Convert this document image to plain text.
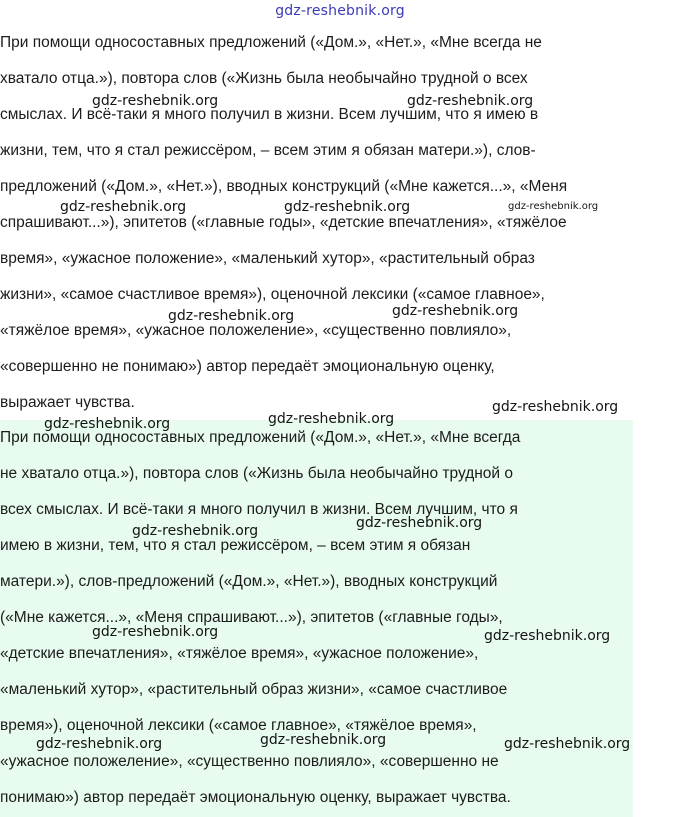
gdz-reshebnik.org

При помощи односоставных предложений («Дом.», «Нет.», «Мне всегда не
хватало отца.»), повтора слов («Жизнь была необычайно трудной о всех
смыслах. И всё-таки я много получил в жизни. Всем лучшим, что я имею в
жизни, тем, что я стал режиссёром, – всем этим я обязан матери.»), слов-
предложений («Дом.», «Нет.»), вводных конструкций («Мне кажется...», «Меня
спрашивают...»), эпитетов («главные годы», «детские впечатления», «тяжёлое
время», «ужасное положение», «маленький хутор», «растительный образ
жизни», «самое счастливое время»), оценочной лексики («самое главное»,
«тяжёлое время», «ужасное положеление», «существенно повлияло»,
«совершенно не понимаю») автор передаёт эмоциональную оценку,
выражает чувства.

При помощи односоставных предложений («Дом.», «Нет.», «Мне всегда
не хватало отца.»), повтора слов («Жизнь была необычайно трудной о
всех смыслах. И всё-таки я много получил в жизни. Всем лучшим, что я
имею в жизни, тем, что я стал режиссёром, – всем этим я обязан
матери.»), слов-предложений («Дом.», «Нет.»), вводных конструкций
(«Мне кажется...», «Меня спрашивают...»), эпитетов («главные годы»,
«детские впечатления», «тяжёлое время», «ужасное положение»,
«маленький хутор», «растительный образ жизни», «самое счастливое
время»), оценочной лексики («самое главное», «тяжёлое время»,
«ужасное положеление», «существенно повлияло», «совершенно не
понимаю») автор передаёт эмоциональную оценку, выражает чувства.

gdz-reshebnik.org	gdz-reshebnik.org
gdz-reshebnik.org	gdz-reshebnik.org	gdz-reshebnik.org
gdz-reshebnik.org	gdz-reshebnik.org
gdz-reshebnik.org	gdz-reshebnik.org
gdz-reshebnik.org
gdz-reshebnik.org	gdz-reshebnik.org
gdz-reshebnik.org	gdz-reshebnik.org
gdz-reshebnik.org	gdz-reshebnik.org	gdz-reshebnik.org
